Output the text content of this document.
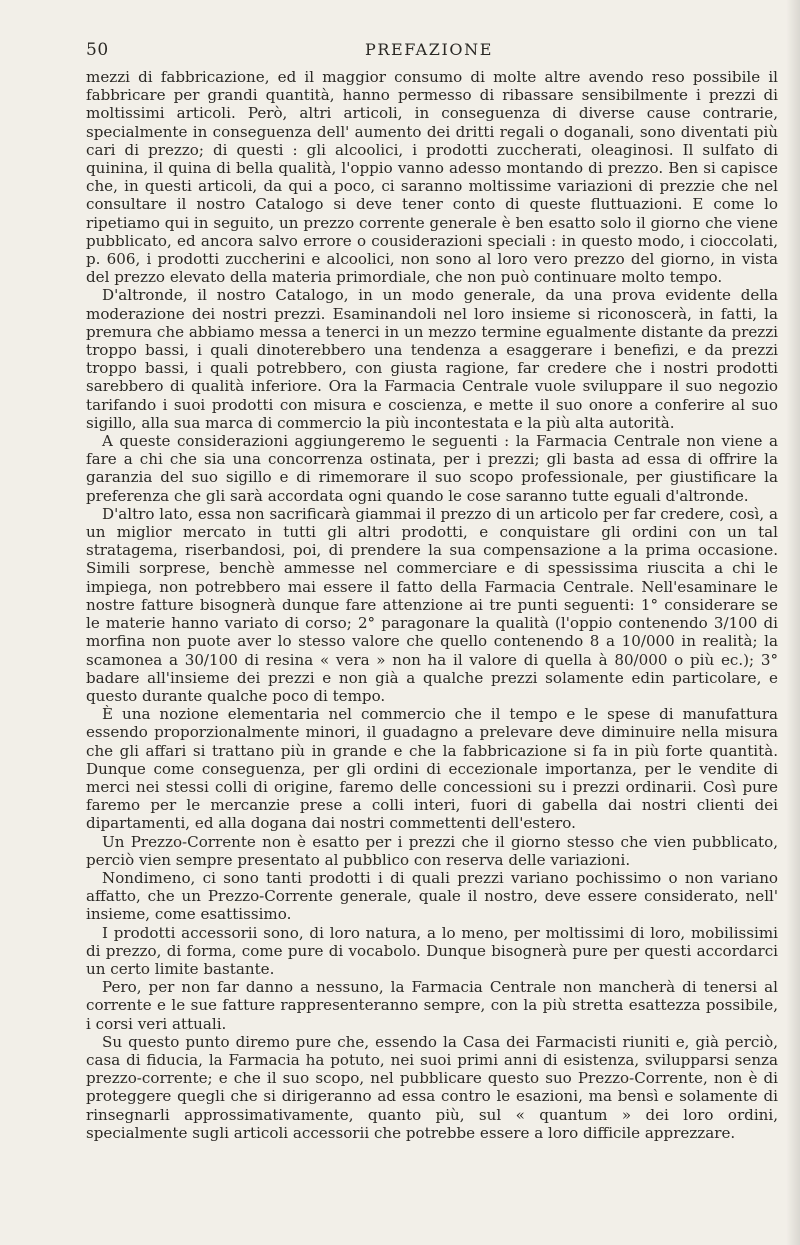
50	PREFAZIONE

mezzi di fabbricazione, ed il maggior consumo di molte altre avendo reso possibile il fabbricare per grandi quantità, hanno permesso di ribassare sensibilmente i prezzi di moltissimi articoli. Però, altri articoli, in conseguenza di diverse cause contrarie, specialmente in conseguenza dell' aumento dei dritti regali o doganali, sono diventati più cari di prezzo; di questi : gli alcoolici, i prodotti zuccherati, oleaginosi. Il sulfato di quinina, il quina di bella qualità, l'oppio vanno adesso montando di prezzo. Ben si capisce che, in questi articoli, da qui a poco, ci saranno moltissime variazioni di prezzie che nel consultare il nostro Catalogo si deve tener conto di queste fluttuazioni. E come lo ripetiamo qui in seguito, un prezzo corrente generale è ben esatto solo il giorno che viene pubblicato, ed ancora salvo errore o cousiderazioni speciali : in questo modo, i cioccolati, p. 606, i prodotti zuccherini e alcoolici, non sono al loro vero prezzo del giorno, in vista del prezzo elevato della materia primordiale, che non può continuare molto tempo.

D'altronde, il nostro Catalogo, in un modo generale, da una prova evidente della moderazione dei nostri prezzi. Esaminandoli nel loro insieme si riconoscerà, in fatti, la premura che abbiamo messa a tenerci in un mezzo termine egualmente distante da prezzi troppo bassi, i quali dinoterebbero una tendenza a esaggerare i benefizi, e da prezzi troppo bassi, i quali potrebbero, con giusta ragione, far credere che i nostri prodotti sarebbero di qualità inferiore. Ora la Farmacia Centrale vuole sviluppare il suo negozio tarifando i suoi prodotti con misura e coscienza, e mette il suo onore a conferire al suo sigillo, alla sua marca di commercio la più incontestata e la più alta autorità.

A queste considerazioni aggiungeremo le seguenti : la Farmacia Centrale non viene a fare a chi che sia una concorrenza ostinata, per i prezzi; gli basta ad essa di offrire la garanzia del suo sigillo e di rimemorare il suo scopo professionale, per giustificare la preferenza che gli sarà accordata ogni quando le cose saranno tutte eguali d'altronde.

D'altro lato, essa non sacrificarà giammai il prezzo di un articolo per far credere, così, a un miglior mercato in tutti gli altri prodotti, e conquistare gli ordini con un tal stratagema, riserbandosi, poi, di prendere la sua compensazione a la prima occasione. Simili sorprese, benchè ammesse nel commerciare e di spessissima riuscita a chi le impiega, non potrebbero mai essere il fatto della Farmacia Centrale. Nell'esaminare le nostre fatture bisognerà dunque fare attenzione ai tre punti seguenti: 1° considerare se le materie hanno variato di corso; 2° paragonare la qualità (l'oppio contenendo 3/100 di morfina non puote aver lo stesso valore che quello contenendo 8 a 10/000 in realità; la scamonea a 30/100 di resina « vera » non ha il valore di quella à 80/000 o più ec.); 3° badare all'insieme dei prezzi e non già a qualche prezzi solamente edin particolare, e questo durante qualche poco di tempo.

È una nozione elementaria nel commercio che il tempo e le spese di manufattura essendo proporzionalmente minori, il guadagno a prelevare deve diminuire nella misura che gli affari si trattano più in grande e che la fabbricazione si fa in più forte quantità. Dunque come conseguenza, per gli ordini di eccezionale importanza, per le vendite di merci nei stessi colli di origine, faremo delle concessioni su i prezzi ordinarii. Così pure faremo per le mercanzie prese a colli interi, fuori di gabella dai nostri clienti dei dipartamenti, ed alla dogana dai nostri commettenti dell'estero.

Un Prezzo-Corrente non è esatto per i prezzi che il giorno stesso che vien pubblicato, perciò vien sempre presentato al pubblico con reserva delle variazioni.

Nondimeno, ci sono tanti prodotti i di quali prezzi variano pochissimo o non variano affatto, che un Prezzo-Corrente generale, quale il nostro, deve essere considerato, nell' insieme, come esattissimo.

I prodotti accessorii sono, di loro natura, a lo meno, per moltissimi di loro, mobilissimi di prezzo, di forma, come pure di vocabolo. Dunque bisognerà pure per questi accordarci un certo limite bastante.

Pero, per non far danno a nessuno, la Farmacia Centrale non mancherà di tenersi al corrente e le sue fatture rappresenteranno sempre, con la più stretta esattezza possibile, i corsi veri attuali.

Su questo punto diremo pure che, essendo la Casa dei Farmacisti riuniti e, già perciò, casa di fiducia, la Farmacia ha potuto, nei suoi primi anni di esistenza, svilupparsi senza prezzo-corrente; e che il suo scopo, nel pubblicare questo suo Prezzo-Corrente, non è di proteggere quegli che si dirigeranno ad essa contro le esazioni, ma bensì e solamente di rinsegnarli approssimativamente, quanto più, sul « quantum » dei loro ordini, specialmente sugli articoli accessorii che potrebbe essere a loro difficile apprezzare.
